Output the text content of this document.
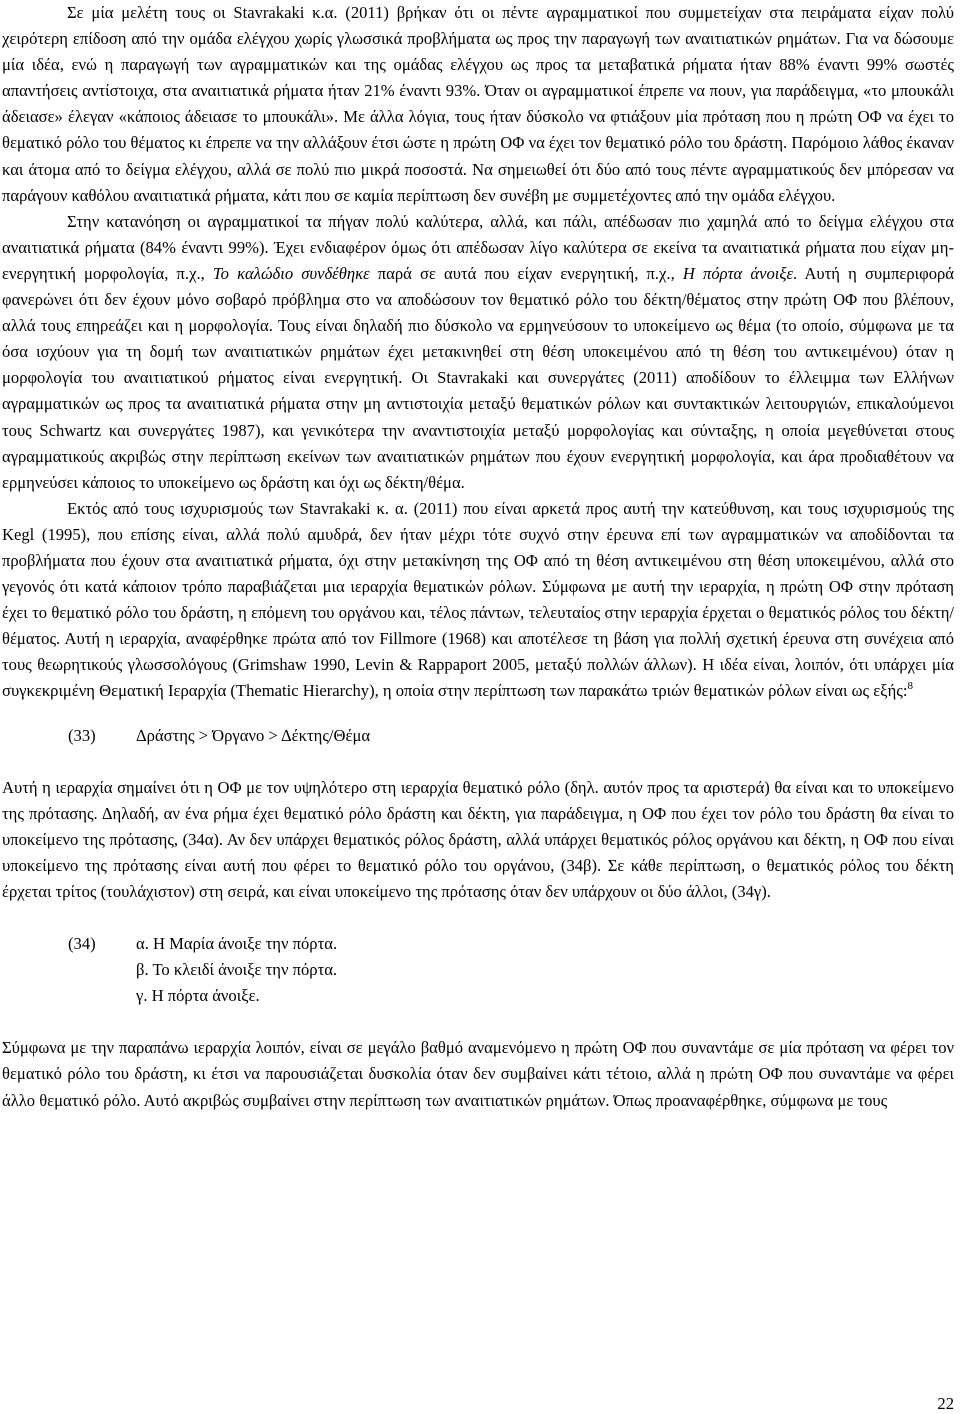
Σε μία μελέτη τους οι Stavrakaki κ.α. (2011) βρήκαν ότι οι πέντε αγραμματικοί που συμμετείχαν στα πειράματα είχαν πολύ χειρότερη επίδοση από την ομάδα ελέγχου χωρίς γλωσσικά προβλήματα ως προς την παραγωγή των αναιτιατικών ρημάτων. Για να δώσουμε μία ιδέα, ενώ η παραγωγή των αγραμματικών και της ομάδας ελέγχου ως προς τα μεταβατικά ρήματα ήταν 88% έναντι 99% σωστές απαντήσεις αντίστοιχα, στα αναιτιατικά ρήματα ήταν 21% έναντι 93%. Όταν οι αγραμματικοί έπρεπε να πουν, για παράδειγμα, «το μπουκάλι άδειασε» έλεγαν «κάποιος άδειασε το μπουκάλι». Με άλλα λόγια, τους ήταν δύσκολο να φτιάξουν μία πρόταση που η πρώτη ΟΦ να έχει το θεματικό ρόλο του θέματος κι έπρεπε να την αλλάξουν έτσι ώστε η πρώτη ΟΦ να έχει τον θεματικό ρόλο του δράστη. Παρόμοιο λάθος έκαναν και άτομα από το δείγμα ελέγχου, αλλά σε πολύ πιο μικρά ποσοστά. Να σημειωθεί ότι δύο από τους πέντε αγραμματικούς δεν μπόρεσαν να παράγουν καθόλου αναιτιατικά ρήματα, κάτι που σε καμία περίπτωση δεν συνέβη με συμμετέχοντες από την ομάδα ελέγχου.

Στην κατανόηση οι αγραμματικοί τα πήγαν πολύ καλύτερα, αλλά, και πάλι, απέδωσαν πιο χαμηλά από το δείγμα ελέγχου στα αναιτιατικά ρήματα (84% έναντι 99%). Έχει ενδιαφέρον όμως ότι απέδωσαν λίγο καλύτερα σε εκείνα τα αναιτιατικά ρήματα που είχαν μη-ενεργητική μορφολογία, π.χ., Το καλώδιο συνδέθηκε παρά σε αυτά που είχαν ενεργητική, π.χ., Η πόρτα άνοιξε. Αυτή η συμπεριφορά φανερώνει ότι δεν έχουν μόνο σοβαρό πρόβλημα στο να αποδώσουν τον θεματικό ρόλο του δέκτη/θέματος στην πρώτη ΟΦ που βλέπουν, αλλά τους επηρεάζει και η μορφολογία. Τους είναι δηλαδή πιο δύσκολο να ερμηνεύσουν το υποκείμενο ως θέμα (το οποίο, σύμφωνα με τα όσα ισχύουν για τη δομή των αναιτιατικών ρημάτων έχει μετακινηθεί στη θέση υποκειμένου από τη θέση του αντικειμένου) όταν η μορφολογία του αναιτιατικού ρήματος είναι ενεργητική. Οι Stavrakaki και συνεργάτες (2011) αποδίδουν το έλλειμμα των Ελλήνων αγραμματικών ως προς τα αναιτιατικά ρήματα στην μη αντιστοιχία μεταξύ θεματικών ρόλων και συντακτικών λειτουργιών, επικαλούμενοι τους Schwartz και συνεργάτες 1987), και γενικότερα την αναντιστοιχία μεταξύ μορφολογίας και σύνταξης, η οποία μεγεθύνεται στους αγραμματικούς ακριβώς στην περίπτωση εκείνων των αναιτιατικών ρημάτων που έχουν ενεργητική μορφολογία, και άρα προδιαθέτουν να ερμηνεύσει κάποιος το υποκείμενο ως δράστη και όχι ως δέκτη/θέμα.

Εκτός από τους ισχυρισμούς των Stavrakaki κ. α. (2011) που είναι αρκετά προς αυτή την κατεύθυνση, και τους ισχυρισμούς της Kegl (1995), που επίσης είναι, αλλά πολύ αμυδρά, δεν ήταν μέχρι τότε συχνό στην έρευνα επί των αγραμματικών να αποδίδονται τα προβλήματα που έχουν στα αναιτιατικά ρήματα, όχι στην μετακίνηση της ΟΦ από τη θέση αντικειμένου στη θέση υποκειμένου, αλλά στο γεγονός ότι κατά κάποιον τρόπο παραβιάζεται μια ιεραρχία θεματικών ρόλων. Σύμφωνα με αυτή την ιεραρχία, η πρώτη ΟΦ στην πρόταση έχει το θεματικό ρόλο του δράστη, η επόμενη του οργάνου και, τέλος πάντων, τελευταίος στην ιεραρχία έρχεται ο θεματικός ρόλος του δέκτη/θέματος. Αυτή η ιεραρχία, αναφέρθηκε πρώτα από τον Fillmore (1968) και αποτέλεσε τη βάση για πολλή σχετική έρευνα στη συνέχεια από τους θεωρητικούς γλωσσολόγους (Grimshaw 1990, Levin & Rappaport 2005, μεταξύ πολλών άλλων). Η ιδέα είναι, λοιπόν, ότι υπάρχει μία συγκεκριμένη Θεματική Ιεραρχία (Thematic Hierarchy), η οποία στην περίπτωση των παρακάτω τριών θεματικών ρόλων είναι ως εξής:$^8$

(33)	Δράστης > Όργανο > Δέκτης/Θέμα

Αυτή η ιεραρχία σημαίνει ότι η ΟΦ με τον υψηλότερο στη ιεραρχία θεματικό ρόλο (δηλ. αυτόν προς τα αριστερά) θα είναι και το υποκείμενο της πρότασης. Δηλαδή, αν ένα ρήμα έχει θεματικό ρόλο δράστη και δέκτη, για παράδειγμα, η ΟΦ που έχει τον ρόλο του δράστη θα είναι το υποκείμενο της πρότασης, (34α). Αν δεν υπάρχει θεματικός ρόλος δράστη, αλλά υπάρχει θεματικός ρόλος οργάνου και δέκτη, η ΟΦ που είναι υποκείμενο της πρότασης είναι αυτή που φέρει το θεματικό ρόλο του οργάνου, (34β). Σε κάθε περίπτωση, ο θεματικός ρόλος του δέκτη έρχεται τρίτος (τουλάχιστον) στη σειρά, και είναι υποκείμενο της πρότασης όταν δεν υπάρχουν οι δύο άλλοι, (34γ).

(34)	α. Η Μαρία άνοιξε την πόρτα.
β. Το κλειδί άνοιξε την πόρτα.
γ. Η πόρτα άνοιξε.

Σύμφωνα με την παραπάνω ιεραρχία λοιπόν, είναι σε μεγάλο βαθμό αναμενόμενο η πρώτη ΟΦ που συναντάμε σε μία πρόταση να φέρει τον θεματικό ρόλο του δράστη, κι έτσι να παρουσιάζεται δυσκολία όταν δεν συμβαίνει κάτι τέτοιο, αλλά η πρώτη ΟΦ που συναντάμε να φέρει άλλο θεματικό ρόλο. Αυτό ακριβώς συμβαίνει στην περίπτωση των αναιτιατικών ρημάτων. Όπως προαναφέρθηκε, σύμφωνα με τους

22
